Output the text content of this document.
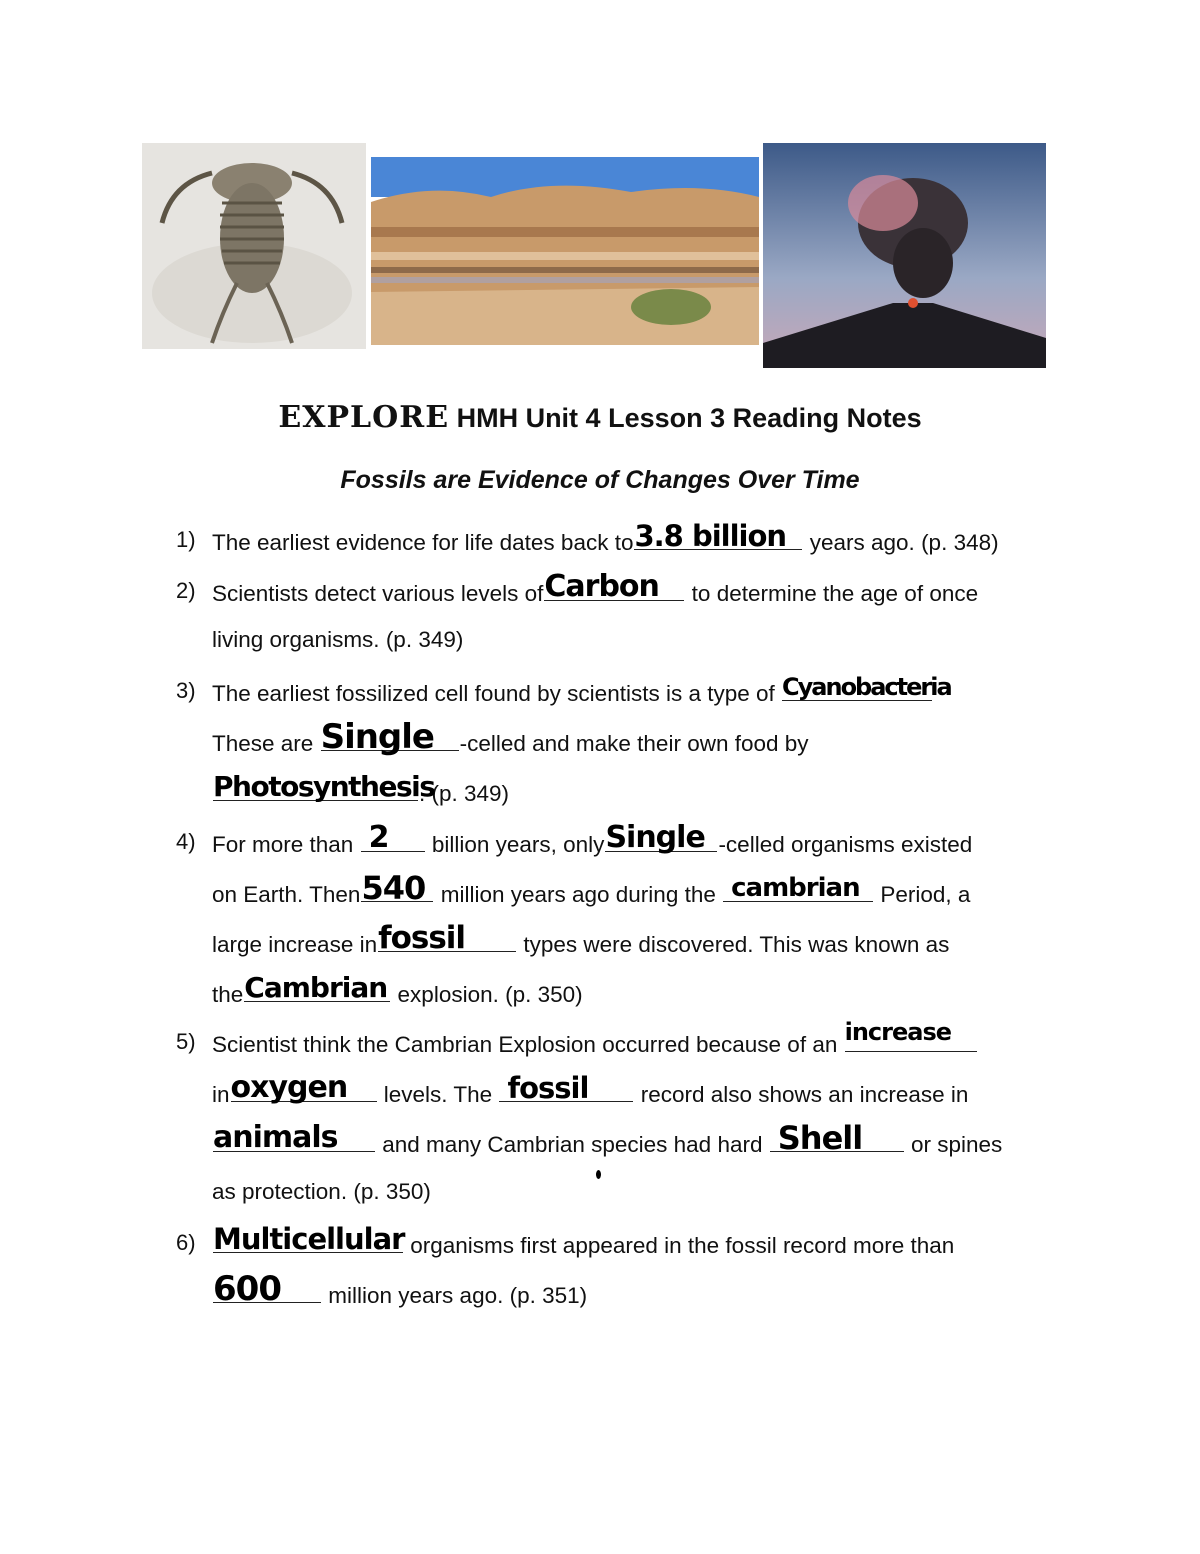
EXPLORE HMH Unit 4 Lesson 3 Reading Notes
Fossils are Evidence of Changes Over Time
1) The earliest evidence for life dates back to 3.8 billion years ago. (p. 348)
2) Scientists detect various levels of Carbon to determine the age of once
living organisms. (p. 349)
3) The earliest fossilized cell found by scientists is a type of Cyanobacteria
These are Single -celled and make their own food by
Photosynthesis
. (p. 349)
4) For more than 2 billion years, only Single -celled organisms existed
on Earth. Then 540 million years ago during the cambrian Period, a
large increase in fossil	types were discovered. This was known as
the Cambrian explosion. (p. 350)
5) Scientist think the Cambrian Explosion occurred because of an increase
in oxygen levels. The fossil record also shows an increase in
animals and many Cambrian species had hard Shell or spines
as protection. (p. 350)
6) Multicellular organisms first appeared in the fossil record more than
600 million years ago. (p. 351)
